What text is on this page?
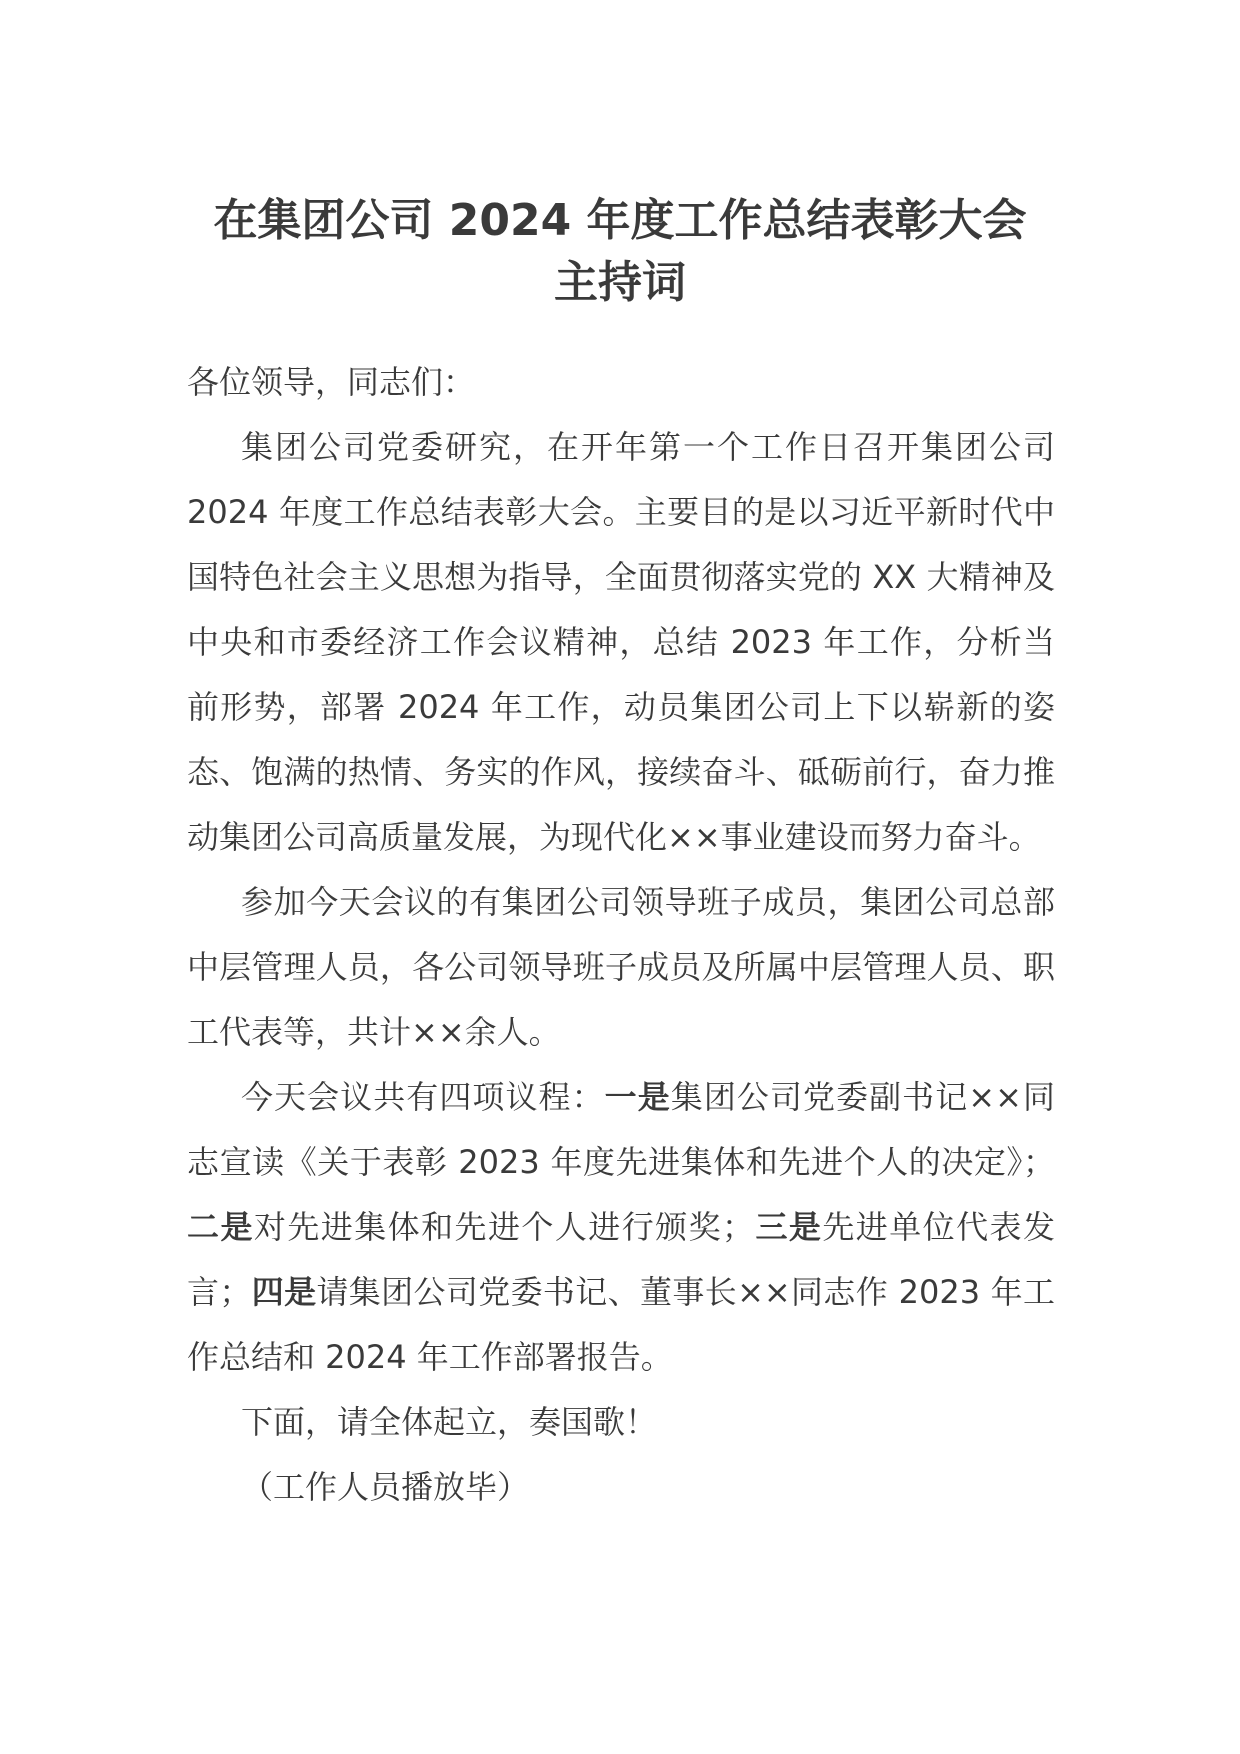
在集团公司 2024 年度工作总结表彰大会
主持词

各位领导，同志们：

集团公司党委研究，在开年第一个工作日召开集团公司 2024 年度工作总结表彰大会。主要目的是以习近平新时代中国特色社会主义思想为指导，全面贯彻落实党的 XX 大精神及中央和市委经济工作会议精神，总结 2023 年工作，分析当前形势，部署 2024 年工作，动员集团公司上下以崭新的姿态、饱满的热情、务实的作风，接续奋斗、砥砺前行，奋力推动集团公司高质量发展，为现代化××事业建设而努力奋斗。

参加今天会议的有集团公司领导班子成员，集团公司总部中层管理人员，各公司领导班子成员及所属中层管理人员、职工代表等，共计××余人。

今天会议共有四项议程：一是集团公司党委副书记××同志宣读《关于表彰 2023 年度先进集体和先进个人的决定》；二是对先进集体和先进个人进行颁奖；三是先进单位代表发言；四是请集团公司党委书记、董事长××同志作 2023 年工作总结和 2024 年工作部署报告。

下面，请全体起立，奏国歌！

（工作人员播放毕）
